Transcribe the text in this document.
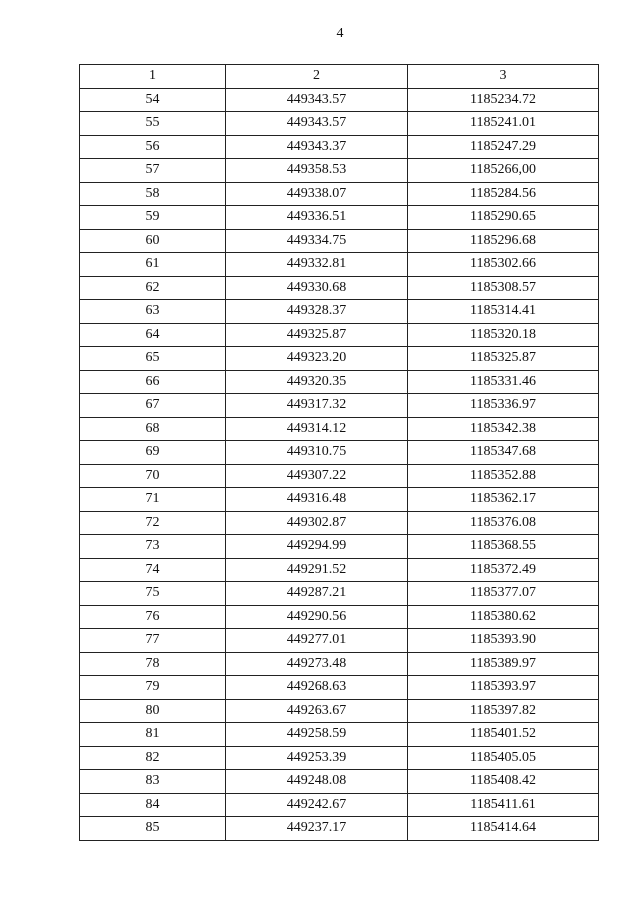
4
1	2	3
54	449343.57	1185234.72
55	449343.57	1185241.01
56	449343.37	1185247.29
57	449358.53	1185266,00
58	449338.07	1185284.56
59	449336.51	1185290.65
60	449334.75	1185296.68
61	449332.81	1185302.66
62	449330.68	1185308.57
63	449328.37	1185314.41
64	449325.87	1185320.18
65	449323.20	1185325.87
66	449320.35	1185331.46
67	449317.32	1185336.97
68	449314.12	1185342.38
69	449310.75	1185347.68
70	449307.22	1185352.88
71	449316.48	1185362.17
72	449302.87	1185376.08
73	449294.99	1185368.55
74	449291.52	1185372.49
75	449287.21	1185377.07
76	449290.56	1185380.62
77	449277.01	1185393.90
78	449273.48	1185389.97
79	449268.63	1185393.97
80	449263.67	1185397.82
81	449258.59	1185401.52
82	449253.39	1185405.05
83	449248.08	1185408.42
84	449242.67	1185411.61
85	449237.17	1185414.64
